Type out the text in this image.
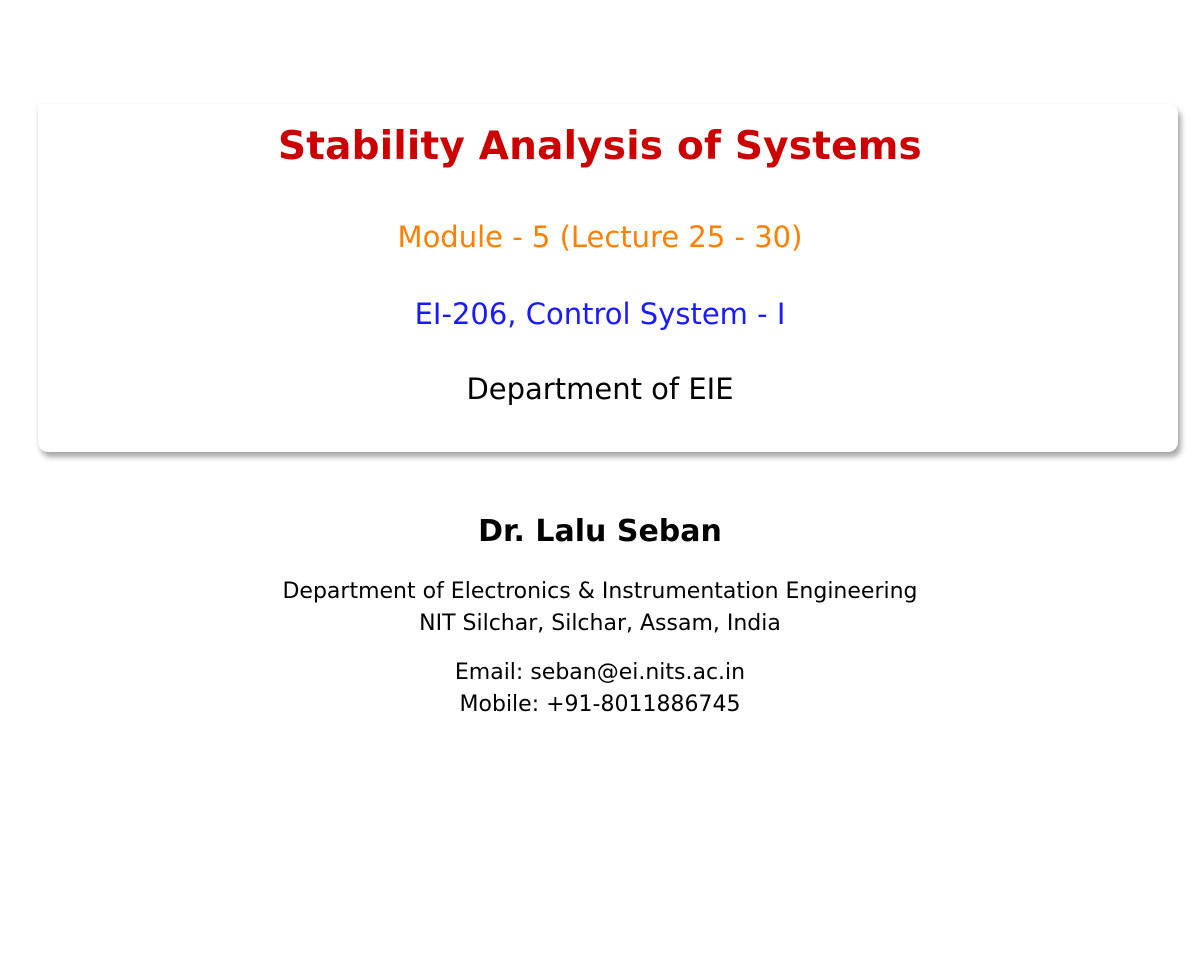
Stability Analysis of Systems

Module - 5 (Lecture 25 - 30)

EI-206, Control System - I

Department of EIE

Dr. Lalu Seban

Department of Electronics & Instrumentation Engineering

NIT Silchar, Silchar, Assam, India

Email: seban@ei.nits.ac.in

Mobile: +91-8011886745
